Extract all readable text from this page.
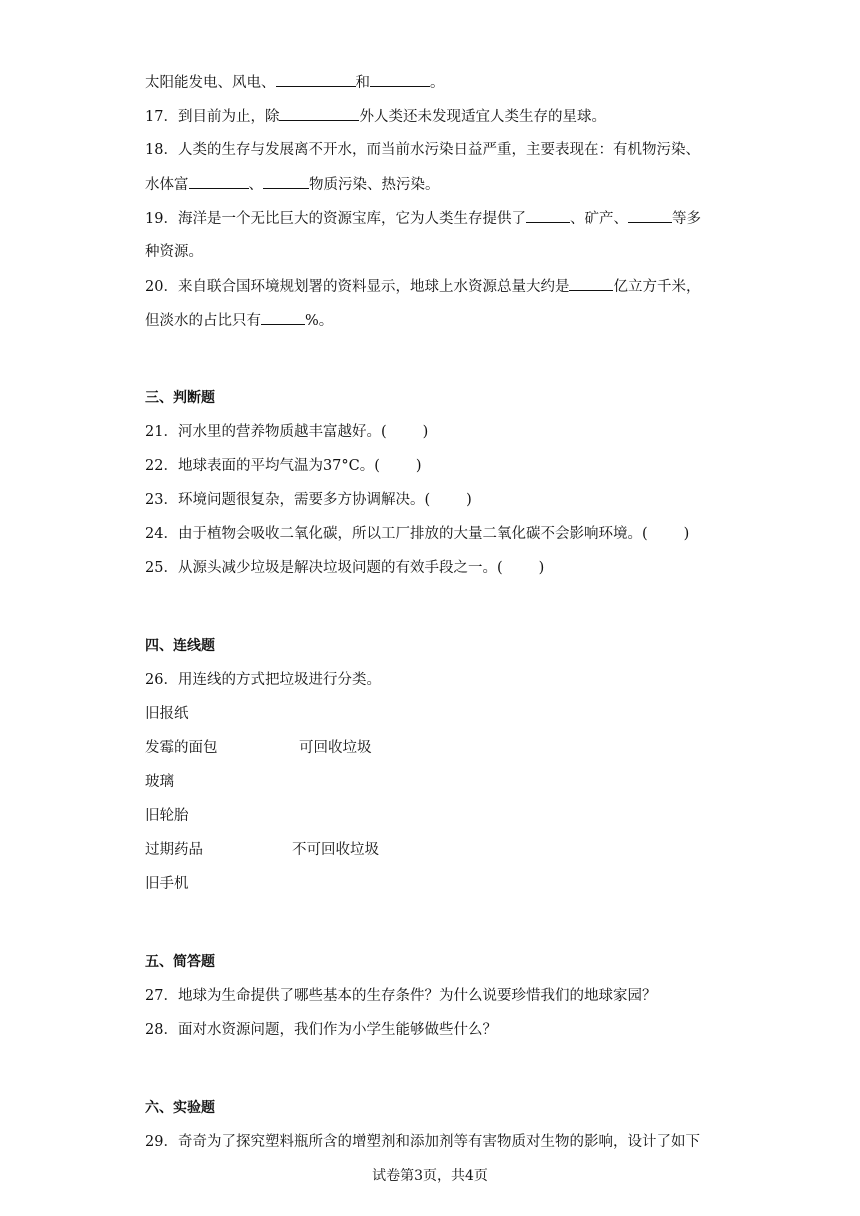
太阳能发电、风电、	和	。
17．到目前为止，除	外人类还未发现适宜人类生存的星球。
18．人类的生存与发展离不开水，而当前水污染日益严重，主要表现在：有机物污染、
水体富	、	物质污染、热污染。
19．海洋是一个无比巨大的资源宝库，它为人类生存提供了	、矿产、	等多
种资源。
20．来自联合国环境规划署的资料显示，地球上水资源总量大约是	亿立方千米，
但淡水的占比只有	%。
三、判断题
21．河水里的营养物质越丰富越好。( )
22．地球表面的平均气温为37°C。( )
23．环境问题很复杂，需要多方协调解决。( )
24．由于植物会吸收二氧化碳，所以工厂排放的大量二氧化碳不会影响环境。( )
25．从源头减少垃圾是解决垃圾问题的有效手段之一。( )
四、连线题
26．用连线的方式把垃圾进行分类。
旧报纸
发霉的面包	可回收垃圾
玻璃
旧轮胎
过期药品	不可回收垃圾
旧手机
五、简答题
27．地球为生命提供了哪些基本的生存条件？为什么说要珍惜我们的地球家园？
28．面对水资源问题，我们作为小学生能够做些什么？
六、实验题
29．奇奇为了探究塑料瓶所含的增塑剂和添加剂等有害物质对生物的影响，设计了如下
试卷第3页，共4页
